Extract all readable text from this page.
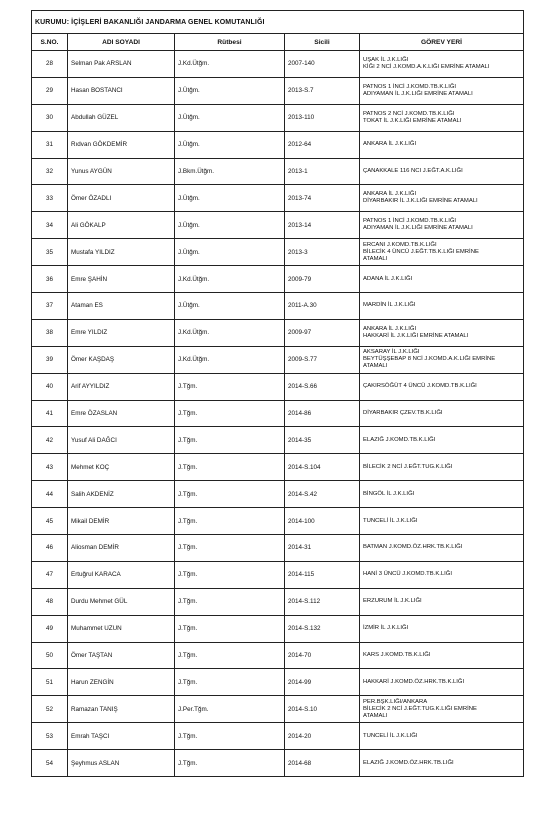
KURUMU: İÇİŞLERİ BAKANLIĞI JANDARMA GENEL KOMUTANLIĞI				
S.NO.	ADI SOYADI	Rütbesi	Sicili	GÖREV YERİ
28	Selman Pak ARSLAN	J.Kd.Ütğm.	2007-140	UŞAK İL J.K.LIĞI
KİĞI 2 NCİ J.KOMD.A.K.LIĞI EMRİNE ATAMALI

29	Hasan BOSTANCI	J.Ütğm.	2013-S.7	PATNOS 1 İNCİ J.KOMD.TB.K.LIĞI
ADIYAMAN İL J.K.LIĞI EMRİNE ATAMALI

30	Abdullah GÜZEL	J.Ütğm.	2013-110	PATNOS 2 NCİ J.KOMD.TB.K.LIĞI
TOKAT İL J.K.LIĞI EMRİNE ATAMALI

31	Rıdvan GÖKDEMİR	J.Ütğm.	2012-64	ANKARA İL J.K.LIĞI

32	Yunus AYGÜN	J.Bkm.Ütğm.	2013-1	ÇANAKKALE 116 NCI J.EĞT.A.K.LIĞI

33	Ömer ÖZADLI	J.Ütğm.	2013-74	ANKARA İL J.K.LIĞI
DİYARBAKIR İL J.K.LIĞI EMRİNE ATAMALI

34	Ali GÖKALP	J.Ütğm.	2013-14	PATNOS 1 İNCİ J.KOMD.TB.K.LIĞI
ADIYAMAN İL J.K.LIĞI EMRİNE ATAMALI

35	Mustafa YILDIZ	J.Ütğm.	2013-3	ERCANI J.KOMD.TB.K.LIĞI
BİLECİK 4 ÜNCÜ J.EĞT.TB.K.LIĞI EMRİNE
ATAMALI

36	Emre ŞAHİN	J.Kd.Ütğm.	2009-79	ADANA İL J.K.LIĞI

37	Ataman ES	J.Ütğm.	2011-A.30	MARDİN İL J.K.LIĞI

38	Emre YILDIZ	J.Kd.Ütğm.	2009-97	ANKARA İL J.K.LIĞI
HAKKARİ İL J.K.LIĞI EMRİNE ATAMALI

39	Ömer KAŞDAŞ	J.Kd.Ütğm.	2009-S.77	AKSARAY İL J.K.LIĞI
BEYTÜŞŞEBAP 8 NCİ J.KOMD.A.K.LIĞI EMRİNE
ATAMALI

40	Arif AYYILDIZ	J.Tğm.	2014-S.66	ÇAKIRSÖĞÜT 4 ÜNCÜ J.KOMD.TB.K.LIĞI

41	Emre ÖZASLAN	J.Tğm.	2014-86	DİYARBAKIR ÇZEV.TB.K.LIĞI

42	Yusuf Ali DAĞCI	J.Tğm.	2014-35	ELAZIĞ J.KOMD.TB.K.LIĞI

43	Mehmet KOÇ	J.Tğm.	2014-S.104	BİLECİK 2 NCİ J.EĞT.TUG.K.LIĞI

44	Salih AKDENİZ	J.Tğm.	2014-S.42	BİNGÖL İL J.K.LIĞI

45	Mikail DEMİR	J.Tğm.	2014-100	TUNCELİ İL J.K.LIĞI

46	Aliosman DEMİR	J.Tğm.	2014-31	BATMAN J.KOMD.ÖZ.HRK.TB.K.LIĞI

47	Ertuğrul KARACA	J.Tğm.	2014-115	HANİ 3 ÜNCÜ J.KOMD.TB.K.LIĞI

48	Durdu Mehmet GÜL	J.Tğm.	2014-S.112	ERZURUM İL J.K.LIĞI

49	Muhammet UZUN	J.Tğm.	2014-S.132	İZMİR İL J.K.LIĞI

50	Ömer TAŞTAN	J.Tğm.	2014-70	KARS J.KOMD.TB.K.LIĞI

51	Harun ZENGİN	J.Tğm.	2014-99	HAKKARİ J.KOMD.ÖZ.HRK.TB.K.LIĞI

52	Ramazan TANIŞ	J.Per.Tğm.	2014-S.10	PER.BŞK.LIĞI/ANKARA
BİLECİK 2 NCİ J.EĞT.TUG.K.LIĞI EMRİNE
ATAMALI

53	Emrah TAŞCI	J.Tğm.	2014-20	TUNCELİ İL J.K.LIĞI

54	Şeyhmus ASLAN	J.Tğm.	2014-68	ELAZIĞ J.KOMD.ÖZ.HRK.TB.LIĞI
